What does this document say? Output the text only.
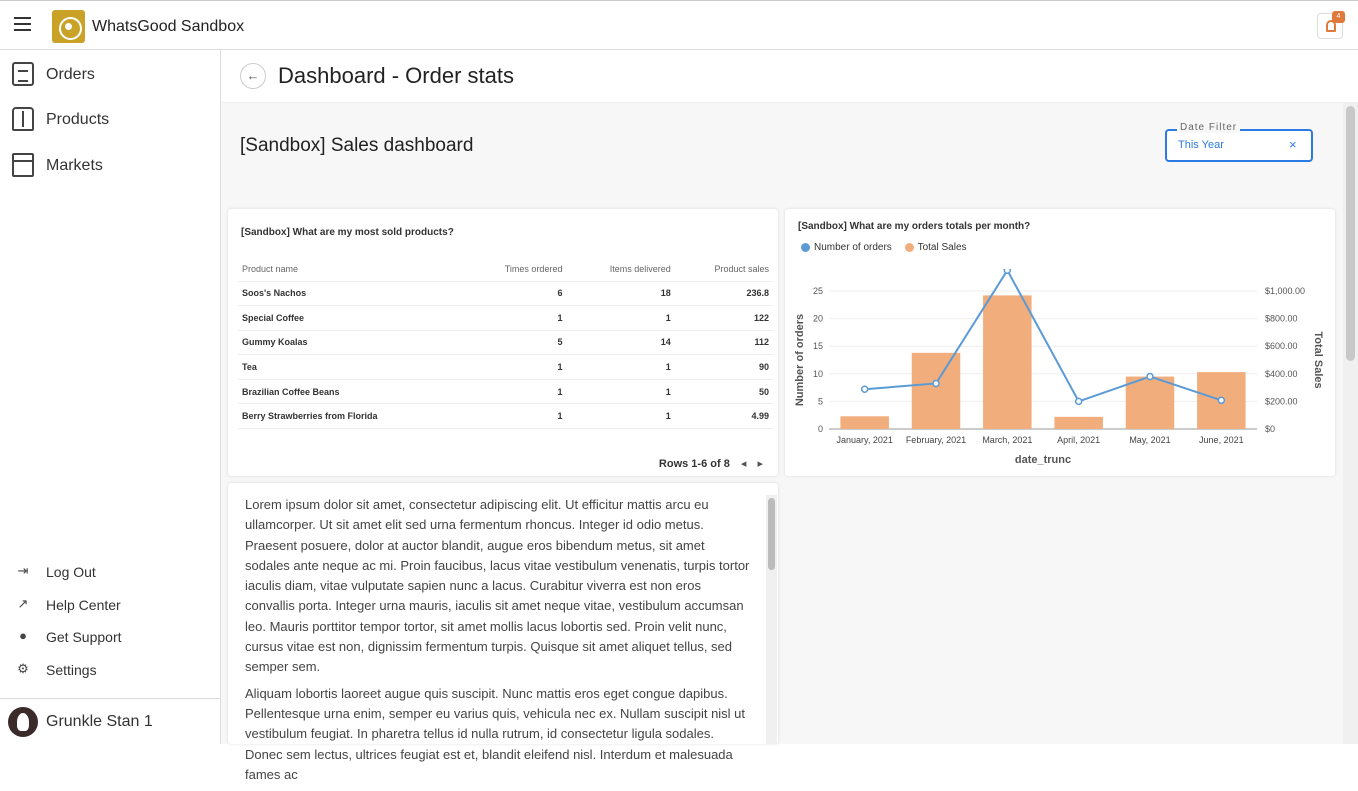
WhatsGood Sandbox
4
Orders
Products
Markets
⇥ Log Out
↗ Help Center
● Get Support
⚙ Settings
Grunkle Stan 1
← Dashboard - Order stats
[Sandbox] Sales dashboard
Date Filter
This Year	×
[Sandbox] What are my most sold products?
Product name	Times ordered	Items delivered	Product sales
Soos's Nachos	6	18	236.8
Special Coffee	1	1	122
Gummy Koalas	5	14	112
Tea	1	1	90
Brazilian Coffee Beans	1	1	50
Berry Strawberries from Florida	1	1	4.99
Rows 1-6 of 8 ◂ ▸
[Sandbox] What are my orders totals per month?
Number of orders	Total Sales
0
5
10
15
20
25
$0
$200.00
$400.00
$600.00
$800.00
$1,000.00
January, 2021 February, 2021 March, 2021	April, 2021	May, 2021	June, 2021
date_trunc
Number of orders	Total Sales

Lorem ipsum dolor sit amet, consectetur adipiscing elit. Ut efficitur mattis arcu eu ullamcorper. Ut sit amet elit sed urna fermentum rhoncus. Integer id odio metus. Praesent posuere, dolor at auctor blandit, augue eros bibendum metus, sit amet sodales ante neque ac mi. Proin faucibus, lacus vitae vestibulum venenatis, turpis tortor iaculis diam, vitae vulputate sapien nunc a lacus. Curabitur viverra est non eros convallis porta. Integer urna mauris, iaculis sit amet neque vitae, vestibulum accumsan leo. Mauris porttitor tempor tortor, sit amet mollis lacus lobortis sed. Proin velit nunc, cursus vitae est non, dignissim fermentum turpis. Quisque sit amet aliquet tellus, sed semper sem.

Aliquam lobortis laoreet augue quis suscipit. Nunc mattis eros eget congue dapibus. Pellentesque urna enim, semper eu varius quis, vehicula nec ex. Nullam suscipit nisl ut vestibulum feugiat. In pharetra tellus id nulla rutrum, id consectetur ligula sodales. Donec sem lectus, ultrices feugiat est et, blandit eleifend nisl. Interdum et malesuada fames ac
